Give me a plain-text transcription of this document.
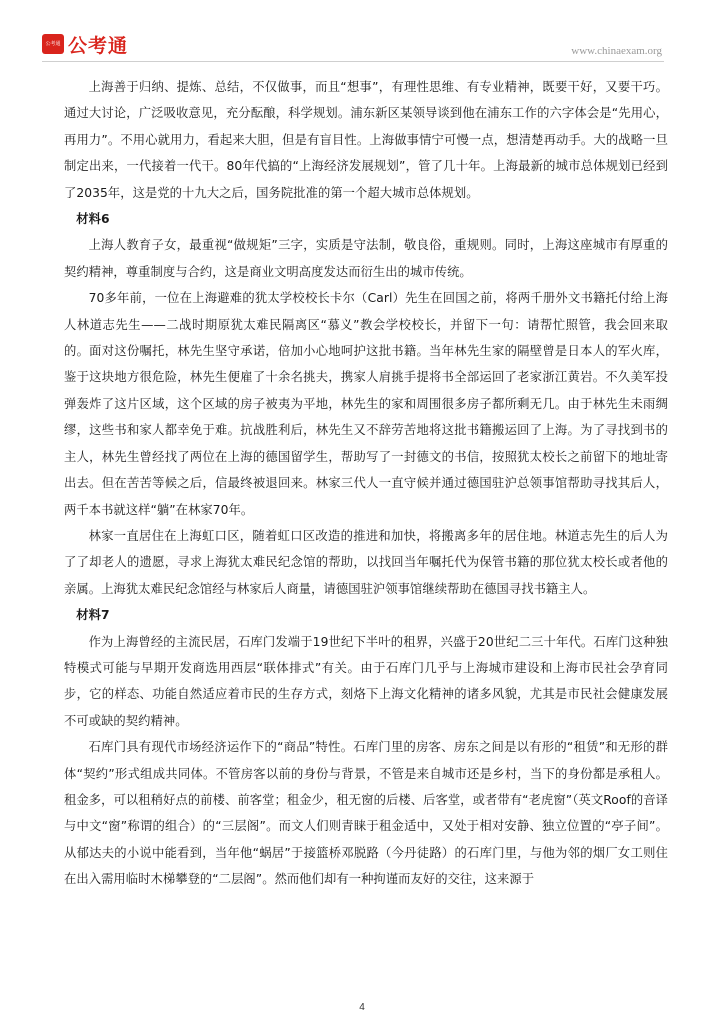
公考通 公考通	www.chinaexam.org

上海善于归纳、提炼、总结，不仅做事，而且“想事”，有理性思维、有专业精神，既要干好，又要干巧。通过大讨论，广泛吸收意见，充分酝酿，科学规划。浦东新区某领导谈到他在浦东工作的六字体会是“先用心，再用力”。不用心就用力，看起来大胆，但是有盲目性。上海做事情宁可慢一点，想清楚再动手。大的战略一旦制定出来，一代接着一代干。80年代搞的“上海经济发展规划”，管了几十年。上海最新的城市总体规划已经到了2035年，这是党的十九大之后，国务院批准的第一个超大城市总体规划。

材料6

上海人教育子女，最重视“做规矩”三字，实质是守法制，敬良俗，重规则。同时，上海这座城市有厚重的契约精神，尊重制度与合约，这是商业文明高度发达而衍生出的城市传统。

70多年前，一位在上海避难的犹太学校校长卡尔（Carl）先生在回国之前，将两千册外文书籍托付给上海人林道志先生——二战时期原犹太难民隔离区“慕义”教会学校校长，并留下一句：请帮忙照管，我会回来取的。面对这份嘱托，林先生坚守承诺，倍加小心地呵护这批书籍。当年林先生家的隔壁曾是日本人的军火库，鉴于这块地方很危险，林先生便雇了十余名挑夫，携家人肩挑手提将书全部运回了老家浙江黄岩。不久美军投弹轰炸了这片区域，这个区域的房子被夷为平地，林先生的家和周围很多房子都所剩无几。由于林先生未雨绸缪，这些书和家人都幸免于难。抗战胜利后，林先生又不辞劳苦地将这批书籍搬运回了上海。为了寻找到书的主人，林先生曾经找了两位在上海的德国留学生，帮助写了一封德文的书信，按照犹太校长之前留下的地址寄出去。但在苦苦等候之后，信最终被退回来。林家三代人一直守候并通过德国驻沪总领事馆帮助寻找其后人，两千本书就这样“躺”在林家70年。

林家一直居住在上海虹口区，随着虹口区改造的推进和加快，将搬离多年的居住地。林道志先生的后人为了了却老人的遗愿，寻求上海犹太难民纪念馆的帮助，以找回当年嘱托代为保管书籍的那位犹太校长或者他的亲属。上海犹太难民纪念馆经与林家后人商量，请德国驻沪领事馆继续帮助在德国寻找书籍主人。

材料7

作为上海曾经的主流民居，石库门发端于19世纪下半叶的租界，兴盛于20世纪二三十年代。石库门这种独特模式可能与早期开发商选用西层“联体排式”有关。由于石库门几乎与上海城市建设和上海市民社会孕育同步，它的样态、功能自然适应着市民的生存方式，刻烙下上海文化精神的诸多风貌，尤其是市民社会健康发展不可或缺的契约精神。

石库门具有现代市场经济运作下的“商品”特性。石库门里的房客、房东之间是以有形的“租赁”和无形的群体“契约”形式组成共同体。不管房客以前的身份与背景，不管是来自城市还是乡村，当下的身份都是承租人。租金多，可以租稍好点的前楼、前客堂；租金少，租无窗的后楼、后客堂，或者带有“老虎窗”（英文Roof的音译与中文“窗”称谓的组合）的“三层阁”。而文人们则青睐于租金适中，又处于相对安静、独立位置的“亭子间”。从郁达夫的小说中能看到，当年他“蜗居”于接篮桥邓脱路（今丹徒路）的石库门里，与他为邻的烟厂女工则住在出入需用临时木梯攀登的“二层阁”。然而他们却有一种拘谨而友好的交往，这来源于

4
